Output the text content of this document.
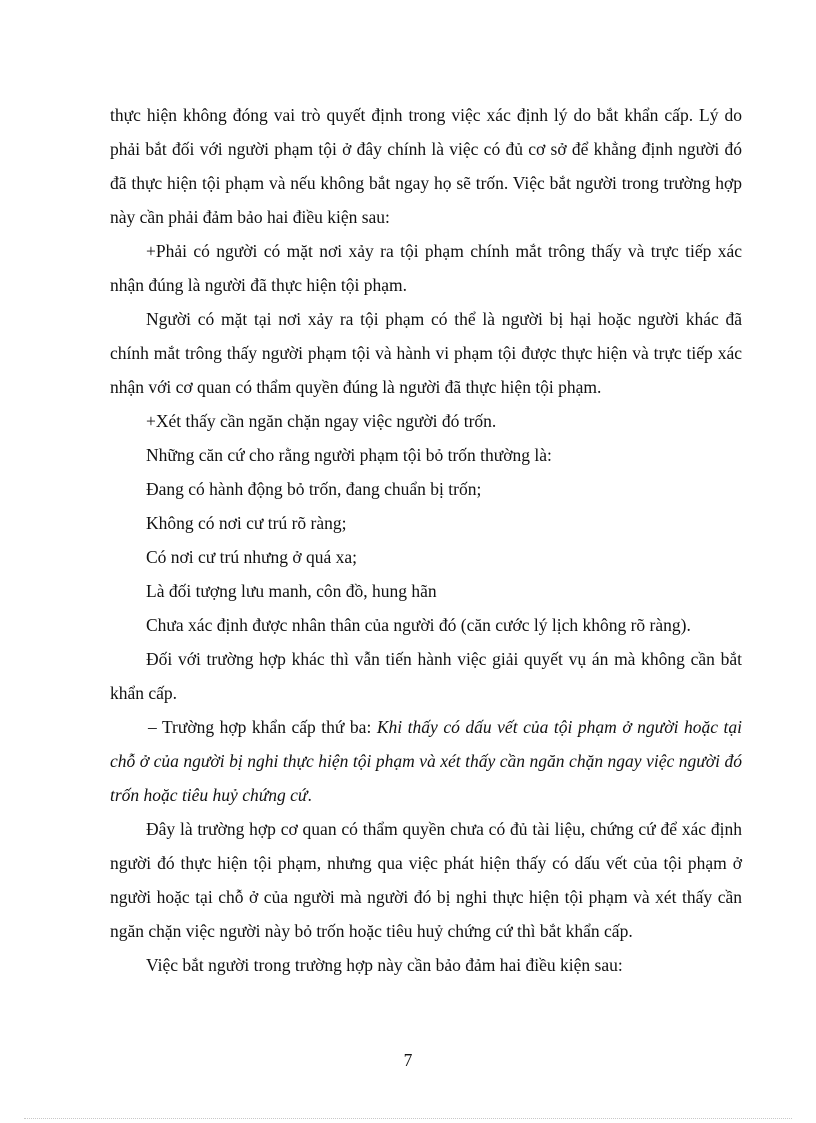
thực hiện không đóng vai trò quyết định trong việc xác định lý do bắt khẩn cấp. Lý do phải bắt đối với người phạm tội ở đây chính là việc có đủ cơ sở để khẳng định người đó đã thực hiện tội phạm và nếu không bắt ngay họ sẽ trốn. Việc bắt người trong trường hợp này cần phải đảm bảo hai điều kiện sau:

+Phải có người có mặt nơi xảy ra tội phạm chính mắt trông thấy và trực tiếp xác nhận đúng là người đã thực hiện tội phạm.

Người có mặt tại nơi xảy ra tội phạm có thể là người bị hại hoặc người khác đã chính mắt trông thấy người phạm tội và hành vi phạm tội được thực hiện và trực tiếp xác nhận với cơ quan có thẩm quyền đúng là người đã thực hiện tội phạm.

+Xét thấy cần ngăn chặn ngay việc người đó trốn.

Những căn cứ cho rằng người phạm tội bỏ trốn thường là:

Đang có hành động bỏ trốn, đang chuẩn bị trốn;

Không có nơi cư trú rõ ràng;

Có nơi cư trú nhưng ở quá xa;

Là đối tượng lưu manh, côn đồ, hung hãn

Chưa xác định được nhân thân của người đó (căn cước lý lịch không rõ ràng).

Đối với trường hợp khác thì vẫn tiến hành việc giải quyết vụ án mà không cần bắt khẩn cấp.

– Trường hợp khẩn cấp thứ ba: Khi thấy có dấu vết của tội phạm ở người hoặc tại chỗ ở của người bị nghi thực hiện tội phạm và xét thấy cần ngăn chặn ngay việc người đó trốn hoặc tiêu huỷ chứng cứ.

Đây là trường hợp cơ quan có thẩm quyền chưa có đủ tài liệu, chứng cứ để xác định người đó thực hiện tội phạm, nhưng qua việc phát hiện thấy có dấu vết của tội phạm ở người hoặc tại chỗ ở của người mà người đó bị nghi thực hiện tội phạm và xét thấy cần ngăn chặn việc người này bỏ trốn hoặc tiêu huỷ chứng cứ thì bắt khẩn cấp.

Việc bắt người trong trường hợp này cần bảo đảm hai điều kiện sau:

7
